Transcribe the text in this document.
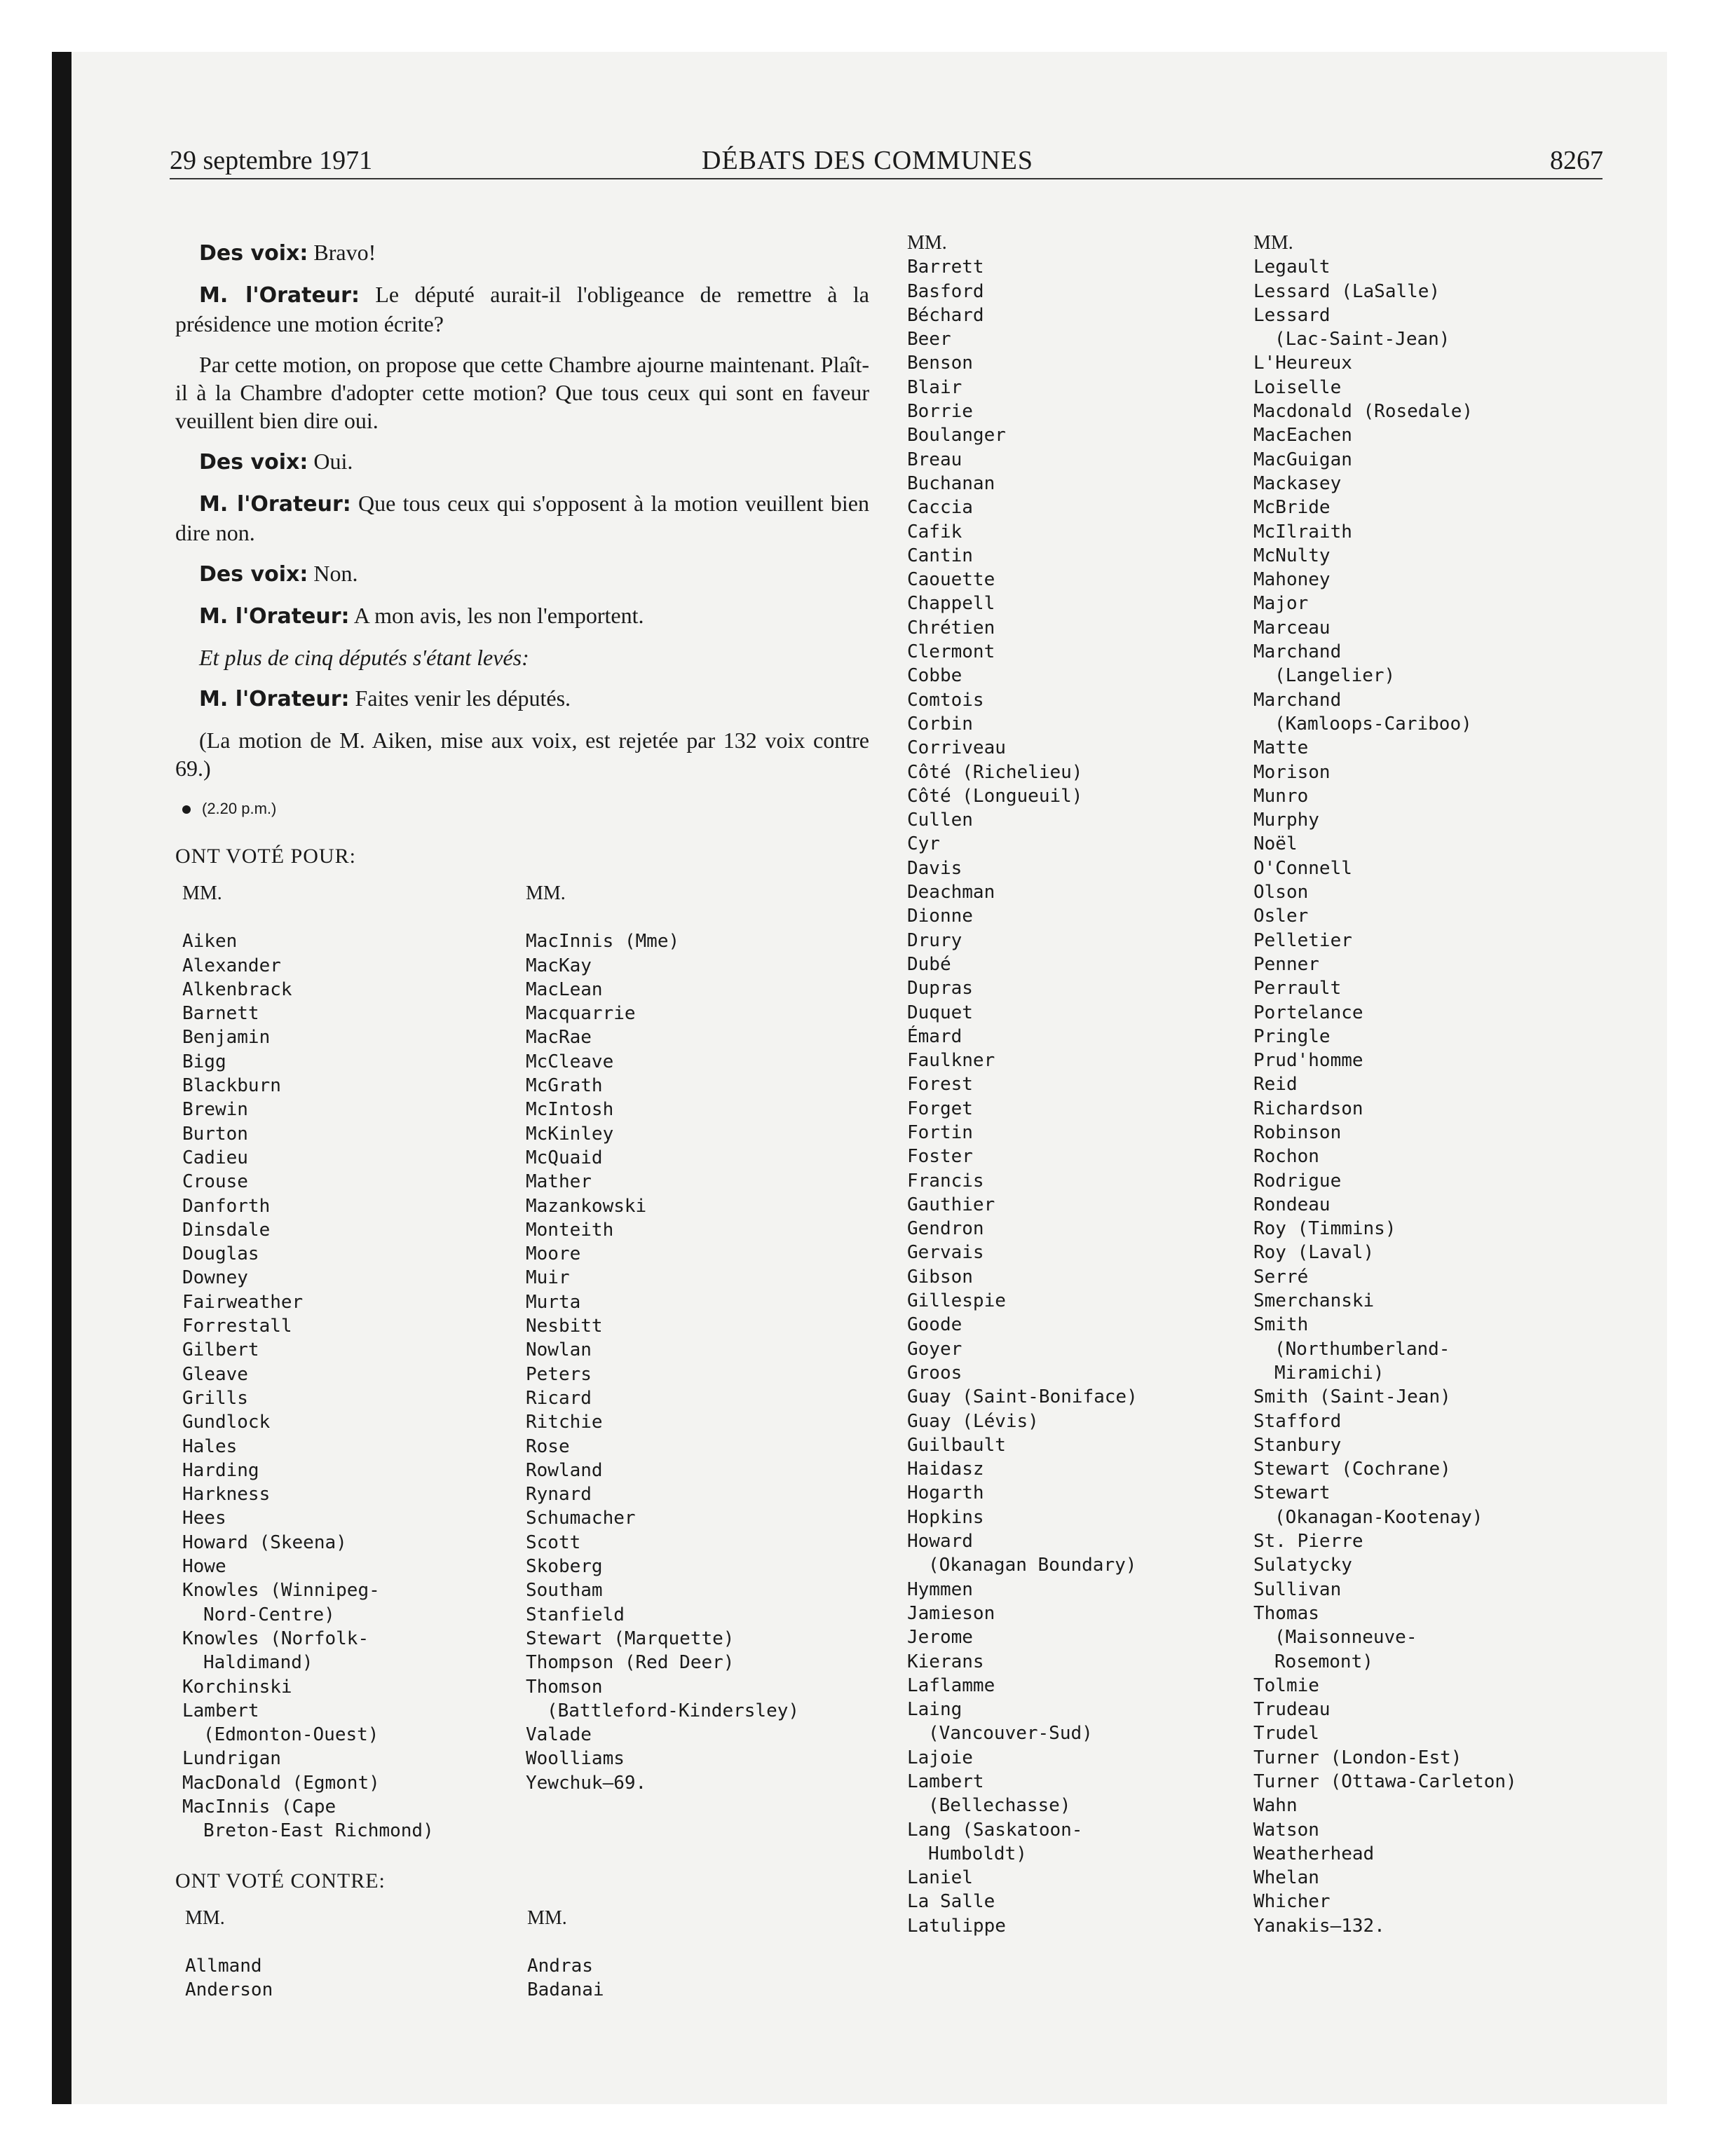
29 septembre 1971	DÉBATS DES COMMUNES	8267

Des voix: Bravo!

M. l'Orateur: Le député aurait-il l'obligeance de remettre à la présidence une motion écrite?

Par cette motion, on propose que cette Chambre ajourne maintenant. Plaît-il à la Chambre d'adopter cette motion? Que tous ceux qui sont en faveur veuillent bien dire oui.

Des voix: Oui.

M. l'Orateur: Que tous ceux qui s'opposent à la motion veuillent bien dire non.

Des voix: Non.

M. l'Orateur: A mon avis, les non l'emportent.

Et plus de cinq députés s'étant levés:

M. l'Orateur: Faites venir les députés.

(La motion de M. Aiken, mise aux voix, est rejetée par 132 voix contre 69.)

(2.20 p.m.)

ONT VOTÉ POUR:

MM.
Aiken
Alexander
Alkenbrack
Barnett
Benjamin
Bigg
Blackburn
Brewin
Burton
Cadieu
Crouse
Danforth
Dinsdale
Douglas
Downey
Fairweather
Forrestall
Gilbert
Gleave
Grills
Gundlock
Hales
Harding
Harkness
Hees
Howard (Skeena)
Howe
Knowles (Winnipeg-
Nord-Centre)
Knowles (Norfolk-
Haldimand)
Korchinski
Lambert
(Edmonton-Ouest)
Lundrigan
MacDonald (Egmont)
MacInnis (Cape
Breton-East Richmond)
MM.
MacInnis (Mme)
MacKay
MacLean
Macquarrie
MacRae
McCleave
McGrath
McIntosh
McKinley
McQuaid
Mather
Mazankowski
Monteith
Moore
Muir
Murta
Nesbitt
Nowlan
Peters
Ricard
Ritchie
Rose
Rowland
Rynard
Schumacher
Scott
Skoberg
Southam
Stanfield
Stewart (Marquette)
Thompson (Red Deer)
Thomson
(Battleford-Kindersley)
Valade
Woolliams
Yewchuk—69.

ONT VOTÉ CONTRE:

MM.
Allmand
Anderson
MM.
Andras
Badanai
MM.
Barrett
Basford
Béchard
Beer
Benson
Blair
Borrie
Boulanger
Breau
Buchanan
Caccia
Cafik
Cantin
Caouette
Chappell
Chrétien
Clermont
Cobbe
Comtois
Corbin
Corriveau
Côté (Richelieu)
Côté (Longueuil)
Cullen
Cyr
Davis
Deachman
Dionne
Drury
Dubé
Dupras
Duquet
Émard
Faulkner
Forest
Forget
Fortin
Foster
Francis
Gauthier
Gendron
Gervais
Gibson
Gillespie
Goode
Goyer
Groos
Guay (Saint-Boniface)
Guay (Lévis)
Guilbault
Haidasz
Hogarth
Hopkins
Howard
(Okanagan Boundary)
Hymmen
Jamieson
Jerome
Kierans
Laflamme
Laing
(Vancouver-Sud)
Lajoie
Lambert
(Bellechasse)
Lang (Saskatoon-
Humboldt)
Laniel
La Salle
Latulippe
MM.
Legault
Lessard (LaSalle)
Lessard
(Lac-Saint-Jean)
L'Heureux
Loiselle
Macdonald (Rosedale)
MacEachen
MacGuigan
Mackasey
McBride
McIlraith
McNulty
Mahoney
Major
Marceau
Marchand
(Langelier)
Marchand
(Kamloops-Cariboo)
Matte
Morison
Munro
Murphy
Noël
O'Connell
Olson
Osler
Pelletier
Penner
Perrault
Portelance
Pringle
Prud'homme
Reid
Richardson
Robinson
Rochon
Rodrigue
Rondeau
Roy (Timmins)
Roy (Laval)
Serré
Smerchanski
Smith
(Northumberland-
Miramichi)
Smith (Saint-Jean)
Stafford
Stanbury
Stewart (Cochrane)
Stewart
(Okanagan-Kootenay)
St. Pierre
Sulatycky
Sullivan
Thomas
(Maisonneuve-
Rosemont)
Tolmie
Trudeau
Trudel
Turner (London-Est)
Turner (Ottawa-Carleton)
Wahn
Watson
Weatherhead
Whelan
Whicher
Yanakis—132.
